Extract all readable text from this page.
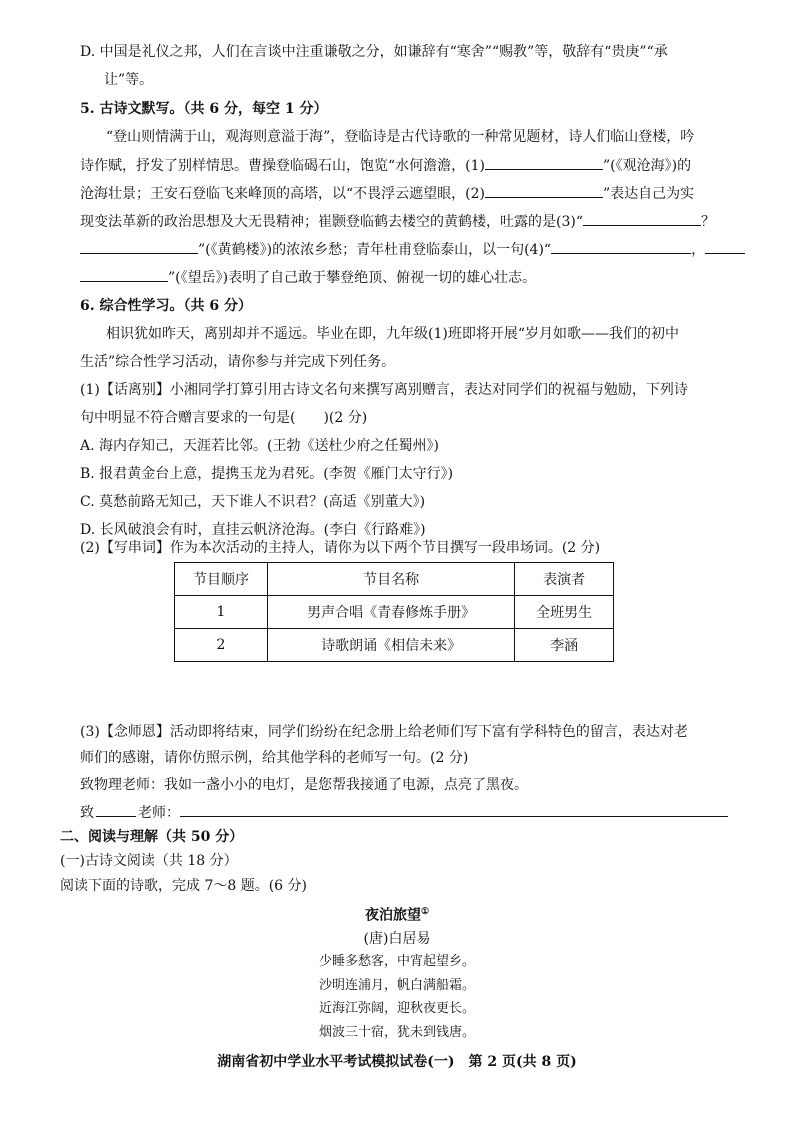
D. 中国是礼仪之邦，人们在言谈中注重谦敬之分，如谦辞有“寒舍”“赐教”等，敬辞有“贵庚”“承
让”等。
5. 古诗文默写。（共 6 分，每空 1 分）
“登山则情满于山，观海则意溢于海”，登临诗是古代诗歌的一种常见题材，诗人们临山登楼，吟
诗作赋，抒发了别样情思。曹操登临碣石山，饱览“水何澹澹，(1)	”(《观沧海》)的
沧海壮景；王安石登临飞来峰顶的高塔，以“不畏浮云遮望眼，(2)	”表达自己为实
现变法革新的政治思想及大无畏精神；崔颢登临鹤去楼空的黄鹤楼，吐露的是(3)“	？
”(《黄鹤楼》)的浓浓乡愁；青年杜甫登临泰山，以一句(4)“	，
”(《望岳》)表明了自己敢于攀登绝顶、俯视一切的雄心壮志。
6. 综合性学习。（共 6 分）
相识犹如昨天，离别却并不遥远。毕业在即，九年级(1)班即将开展“岁月如歌——我们的初中
生活”综合性学习活动，请你参与并完成下列任务。
(1)【话离别】小湘同学打算引用古诗文名句来撰写离别赠言，表达对同学们的祝福与勉励，下列诗
句中明显不符合赠言要求的一句是(　　)(2 分)
A. 海内存知己，天涯若比邻。(王勃《送杜少府之任蜀州》)
B. 报君黄金台上意，提携玉龙为君死。(李贺《雁门太守行》)
C. 莫愁前路无知己，天下谁人不识君？(高适《别董大》)
D. 长风破浪会有时，直挂云帆济沧海。(李白《行路难》)
(2)【写串词】作为本次活动的主持人，请你为以下两个节目撰写一段串场词。(2 分)
节目顺序	节目名称	表演者
1	男声合唱《青春修炼手册》	全班男生
2	诗歌朗诵《相信未来》	李涵
(3)【念师恩】活动即将结束，同学们纷纷在纪念册上给老师们写下富有学科特色的留言，表达对老
师们的感谢，请你仿照示例，给其他学科的老师写一句。(2 分)
致物理老师：我如一盏小小的电灯，是您帮我接通了电源，点亮了黑夜。
致	老师：
二、阅读与理解（共 50 分）
(一)古诗文阅读（共 18 分）
阅读下面的诗歌，完成 7～8 题。(6 分)
夜泊旅望①
(唐)白居易
少睡多愁客，中宵起望乡。
沙明连浦月，帆白满船霜。
近海江弥阔，迎秋夜更长。
烟波三十宿，犹未到钱唐。
湖南省初中学业水平考试模拟试卷(一)　第 2 页(共 8 页)
